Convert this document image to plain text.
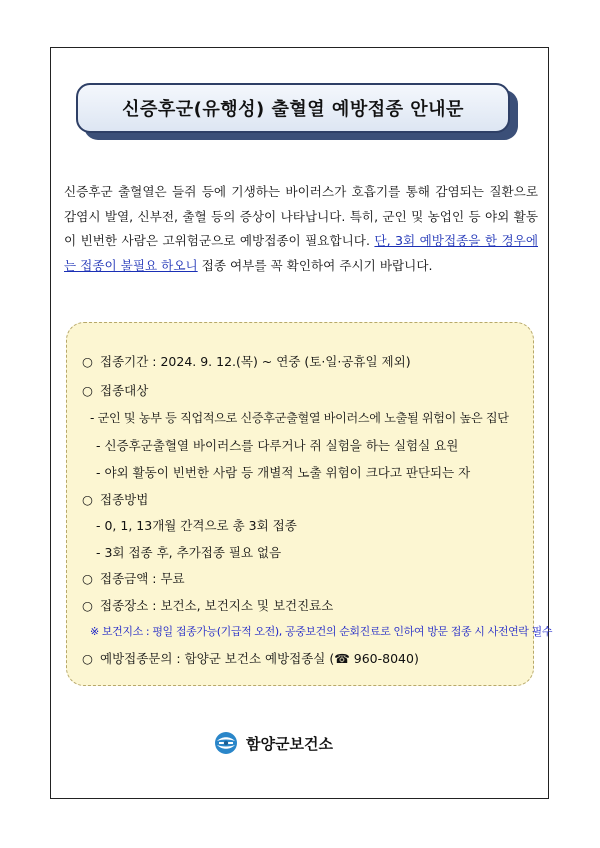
신증후군(유행성) 출혈열 예방접종 안내문
신증후군 출혈열은 들쥐 등에 기생하는 바이러스가 호흡기를 통해 감염되는 질환으로 감염시 발열, 신부전, 출혈 등의 증상이 나타납니다. 특히, 군인 및 농업인 등 야외 활동이 빈번한 사람은 고위험군으로 예방접종이 필요합니다. 단, 3회 예방접종을 한 경우에는 접종이 불필요 하오니 접종 여부를 꼭 확인하여 주시기 바랍니다.
○ 접종기간 : 2024. 9. 12.(목) ~ 연중 (토·일·공휴일 제외)
○ 접종대상
- 군인 및 농부 등 직업적으로 신증후군출혈열 바이러스에 노출될 위험이 높은 집단
- 신증후군출혈열 바이러스를 다루거나 쥐 실험을 하는 실험실 요원
- 야외 활동이 빈번한 사람 등 개별적 노출 위험이 크다고 판단되는 자
○ 접종방법
- 0, 1, 13개월 간격으로 총 3회 접종
- 3회 접종 후, 추가접종 필요 없음
○ 접종금액 : 무료
○ 접종장소 : 보건소, 보건지소 및 보건진료소
※ 보건지소 : 평일 접종가능(기급적 오전), 공중보건의 순회진료로 인하여 방문 접종 시 사전연락 필수
○ 예방접종문의 : 함양군 보건소 예방접종실 (☎ 960-8040)
함양군보건소
